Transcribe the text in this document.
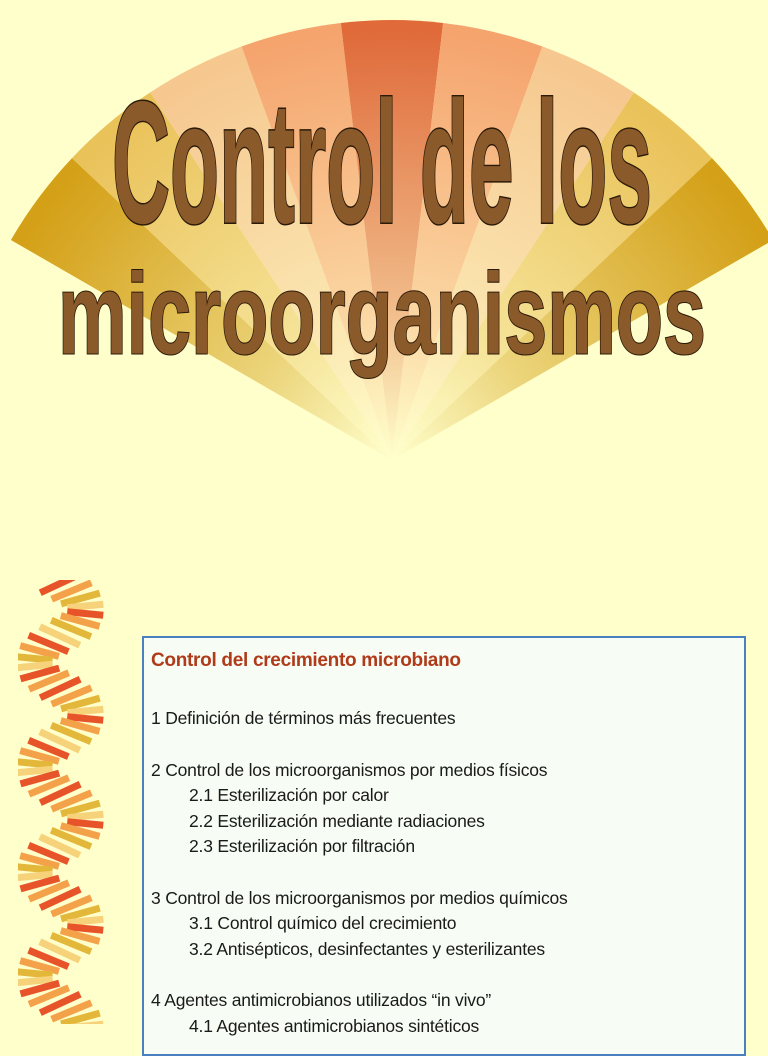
Control de los
microorganismos
Control del crecimiento microbiano
1 Definición de términos más frecuentes
2 Control de los microorganismos por medios físicos
2.1 Esterilización por calor
2.2 Esterilización mediante radiaciones
2.3 Esterilización por filtración
3 Control de los microorganismos por medios químicos
3.1 Control químico del crecimiento
3.2 Antisépticos, desinfectantes y esterilizantes
4 Agentes antimicrobianos utilizados “in vivo”
4.1 Agentes antimicrobianos sintéticos
